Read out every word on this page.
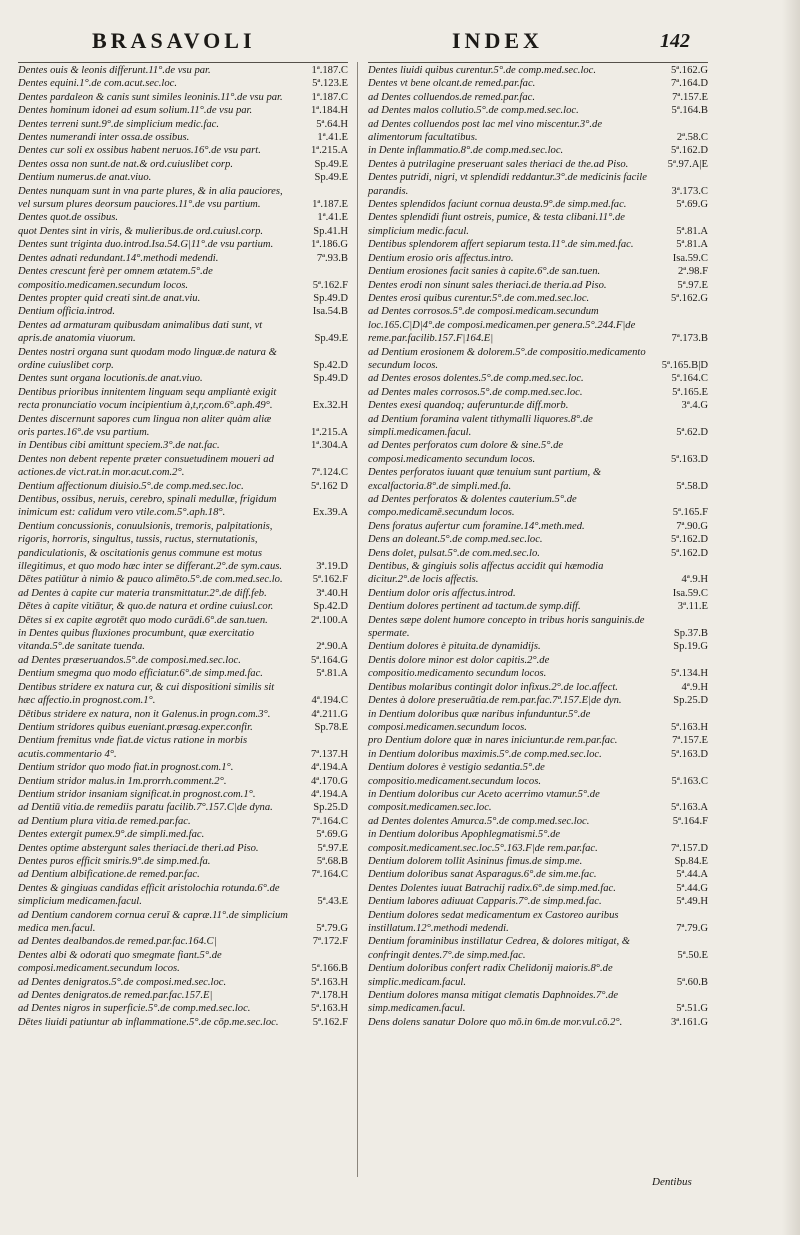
BRASAVOLI	INDEX	142
Dentes ouis & leonis differunt.11°.de vsu par.	1ª.187.C
Dentes equini.1°.de com.acut.sec.loc.	5ª.123.E
Dentes pardaleon & canis sunt similes leoninis.11°.de vsu par.	1ª.187.C
Dentes hominum idonei ad esum solium.11°.de vsu par.	1ª.184.H
Dentes terreni sunt.9°.de simplicium medic.fac.	5ª.64.H
Dentes numerandi inter ossa.de ossibus.	1ª.41.E
Dentes cur soli ex ossibus habent neruos.16°.de vsu part.	1ª.215.A
Dentes ossa non sunt.de nat.& ord.cuiuslibet corp.	Sp.49.E
Dentium numerus.de anat.viuo.	Sp.49.E
Dentes nunquam sunt in vna parte plures, & in alia pauciores, vel sursum plures deorsum pauciores.11°.de vsu partium.	1ª.187.E
Dentes quot.de ossibus.	1ª.41.E
quot Dentes sint in viris, & mulieribus.de ord.cuiusl.corp.	Sp.41.H
Dentes sunt triginta duo.introd.Isa.54.G|11°.de vsu partium.	1ª.186.G
Dentes adnati redundant.14°.methodi medendi.	7ª.93.B
Dentes crescunt ferè per omnem ætatem.5°.de compositio.medicamen.secundum locos.	5ª.162.F
Dentes propter quid creati sint.de anat.viu.	Sp.49.D
Dentium officia.introd.	Isa.54.B
Dentes ad armaturam quibusdam animalibus dati sunt, vt apris.de anatomia viuorum.	Sp.49.E
Dentes nostri organa sunt quodam modo linguæ.de natura & ordine cuiuslibet corp.	Sp.42.D
Dentes sunt organa locutionis.de anat.viuo.	Sp.49.D
Dentibus prioribus innitentem linguam sequ ampliantè exigit recta pronunciatio vocum incipientium à,t,r,com.6°.aph.49°.	Ex.32.H
Dentes discernunt sapores cum lingua non aliter quàm aliæ oris partes.16°.de vsu partium.	1ª.215.A
in Dentibus cibi amittunt speciem.3°.de nat.fac.	1ª.304.A
Dentes non debent repente præter consuetudinem moueri ad actiones.de vict.rat.in mor.acut.com.2°.	7ª.124.C
Dentium affectionum diuisio.5°.de comp.med.sec.loc.	5ª.162 D
Dentibus, ossibus, neruis, cerebro, spinali medullæ, frigidum inimicum est: calidum vero vtile.com.5°.aph.18°.	Ex.39.A
Dentium concussionis, conuulsionis, tremoris, palpitationis, rigoris, horroris, singultus, tussis, ructus, sternutationis, pandiculationis, & oscitationis genus commune est motus illegitimus, et quo modo hæc inter se differant.2°.de sym.caus.	3ª.19.D
Dētes patiūtur à nimio & pauco alimēto.5°.de com.med.sec.lo.	5ª.162.F
ad Dentes à capite cur materia transmittatur.2°.de diff.feb.	3ª.40.H
Dētes à capite vitiātur, & quo.de natura et ordine cuiusl.cor.	Sp.42.D
Dētes si ex capite ægrotēt quo modo curādi.6°.de san.tuen.	2ª.100.A
in Dentes quibus fluxiones procumbunt, quæ exercitatio vitanda.5°.de sanitate tuenda.	2ª.90.A
ad Dentes præseruandos.5°.de composi.med.sec.loc.	5ª.164.G
Dentium smegma quo modo efficiatur.6°.de simp.med.fac.	5ª.81.A
Dentibus stridere ex natura cur, & cui dispositioni similis sit hæc affectio.in prognost.com.1°.	4ª.194.C
Dētibus stridere ex natura, non it Galenus.in progn.com.3°.	4ª.211.G
Dentium stridores quibus eueniant.præsag.exper.confir.	Sp.78.E
Dentium fremitus vnde fiat.de victus ratione in morbis acutis.commentario 4°.	7ª.137.H
Dentium stridor quo modo fiat.in prognost.com.1°.	4ª.194.A
Dentium stridor malus.in 1m.prorrh.comment.2°.	4ª.170.G
Dentium stridor insaniam significat.in prognost.com.1°.	4ª.194.A
ad Dentiū vitia.de remediis paratu facilib.7°.157.C|de dyna.	Sp.25.D
ad Dentium plura vitia.de remed.par.fac.	7ª.164.C
Dentes extergit pumex.9°.de simpli.med.fac.	5ª.69.G
Dentes optime abstergunt sales theriaci.de theri.ad Piso.	5ª.97.E
Dentes puros efficit smiris.9°.de simp.med.fa.	5ª.68.B
ad Dentium albificatione.de remed.par.fac.	7ª.164.C
Dentes & gingiuas candidas efficit aristolochia rotunda.6°.de simplicium medicamen.facul.	5ª.43.E
ad Dentium candorem cornua ceruī & capræ.11°.de simplicium medica men.facul.	5ª.79.G
ad Dentes dealbandos.de remed.par.fac.164.C|	7ª.172.F
Dentes albi & odorati quo smegmate fiant.5°.de composi.medicament.secundum locos.	5ª.166.B
ad Dentes denigratos.5°.de composi.med.sec.loc.	5ª.163.H
ad Dentes denigratos.de remed.par.fac.157.E|	7ª.178.H
ad Dentes nigros in superficie.5°.de comp.med.sec.loc.	5ª.163.H
Dētes liuidi patiuntur ab inflammatione.5°.de cōp.me.sec.loc.	5ª.162.F
Dentes liuidi quibus curentur.5°.de comp.med.sec.loc.	5ª.162.G
Dentes vt bene olcant.de remed.par.fac.	7ª.164.D
ad Dentes colluendos.de remed.par.fac.	7ª.157.E
ad Dentes malos collutio.5°.de comp.med.sec.loc.	5ª.164.B
ad Dentes colluendos post lac mel vino miscentur.3°.de alimentorum facultatibus.	2ª.58.C
in Dente inflammatio.8°.de comp.med.sec.loc.	5ª.162.D
Dentes à putrilagine preseruant sales theriaci de the.ad Piso.	5ª.97.A|E
Dentes putridi, nigri, vt splendidi reddantur.3°.de medicinis facile parandis.	3ª.173.C
Dentes splendidos faciunt cornua deusta.9°.de simp.med.fac.	5ª.69.G
Dentes splendidi fiunt ostreis, pumice, & testa clibani.11°.de simplicium medic.facul.	5ª.81.A
Dentibus splendorem affert sepiarum testa.11°.de sim.med.fac.	5ª.81.A
Dentium erosio oris affectus.intro.	Isa.59.C
Dentium erosiones facit sanies à capite.6°.de san.tuen.	2ª.98.F
Dentes erodi non sinunt sales theriaci.de theria.ad Piso.	5ª.97.E
Dentes erosi quibus curentur.5°.de com.med.sec.loc.	5ª.162.G
ad Dentes corrosos.5°.de composi.medicam.secundum loc.165.C|D|4°.de composi.medicamen.per genera.5°.244.F|de reme.par.facilib.157.F|164.E|	7ª.173.B
ad Dentium erosionem & dolorem.5°.de compositio.medicamento secundum locos.	5ª.165.B|D
ad Dentes erosos dolentes.5°.de comp.med.sec.loc.	5ª.164.C
ad Dentes males corrosos.5°.de comp.med.sec.loc.	5ª.165.E
Dentes exesi quandoq; auferuntur.de diff.morb.	3ª.4.G
ad Dentium foramina valent tithymalli liquores.8°.de simpli.medicamen.facul.	5ª.62.D
ad Dentes perforatos cum dolore & sine.5°.de composi.medicamento secundum locos.	5ª.163.D
Dentes perforatos iuuant quæ tenuium sunt partium, & excalfactoria.8°.de simpli.med.fa.	5ª.58.D
ad Dentes perforatos & dolentes cauterium.5°.de compo.medicamē.secundum locos.	5ª.165.F
Dens foratus aufertur cum foramine.14°.meth.med.	7ª.90.G
Dens an doleant.5°.de comp.med.sec.loc.	5ª.162.D
Dens dolet, pulsat.5°.de com.med.sec.lo.	5ª.162.D
Dentibus, & gingiuis solis affectus accidit qui hæmodia dicitur.2°.de locis affectis.	4ª.9.H
Dentium dolor oris affectus.introd.	Isa.59.C
Dentium dolores pertinent ad tactum.de symp.diff.	3ª.11.E
Dentes sæpe dolent humore concepto in tribus horis sanguinis.de spermate.	Sp.37.B
Dentium dolores è pituita.de dynamidijs.	Sp.19.G
Dentis dolore minor est dolor capitis.2°.de compositio.medicamento secundum locos.	5ª.134.H
Dentibus molaribus contingit dolor infixus.2°.de loc.affect.	4ª.9.H
Dentes à dolore preseruātia.de rem.par.fac.7ª.157.E|de dyn.	Sp.25.D
in Dentium doloribus quæ naribus infunduntur.5°.de composi.medicamen.secundum locos.	5ª.163.H
pro Dentium dolore quæ in nares iniciuntur.de rem.par.fac.	7ª.157.E
in Dentium doloribus maximis.5°.de comp.med.sec.loc.	5ª.163.D
Dentium dolores è vestigio sedantia.5°.de compositio.medicament.secundum locos.	5ª.163.C
in Dentium doloribus cur Aceto acerrimo vtamur.5°.de composit.medicamen.sec.loc.	5ª.163.A
ad Dentes dolentes Amurca.5°.de comp.med.sec.loc.	5ª.164.F
in Dentium doloribus Apophlegmatismi.5°.de composit.medicament.sec.loc.5°.163.F|de rem.par.fac.	7ª.157.D
Dentium dolorem tollit Asininus fimus.de simp.me.	Sp.84.E
Dentium doloribus sanat Asparagus.6°.de sim.me.fac.	5ª.44.A
Dentes Dolentes iuuat Batrachij radix.6°.de simp.med.fac.	5ª.44.G
Dentium labores adiuuat Capparis.7°.de simp.med.fac.	5ª.49.H
Dentium dolores sedat medicamentum ex Castoreo auribus instillatum.12°.methodi medendi.	7ª.79.G
Dentium foraminibus instillatur Cedrea, & dolores mitigat, & confringit dentes.7°.de simp.med.fac.	5ª.50.E
Dentium doloribus confert radix Chelidonij maioris.8°.de simplic.medicam.facul.	5ª.60.B
Dentium dolores mansa mitigat clematis Daphnoides.7°.de simp.medicamen.facul.	5ª.51.G
Dens dolens sanatur Dolore quo mō.in 6m.de mor.vul.cō.2°.	3ª.161.G
Dentibus
